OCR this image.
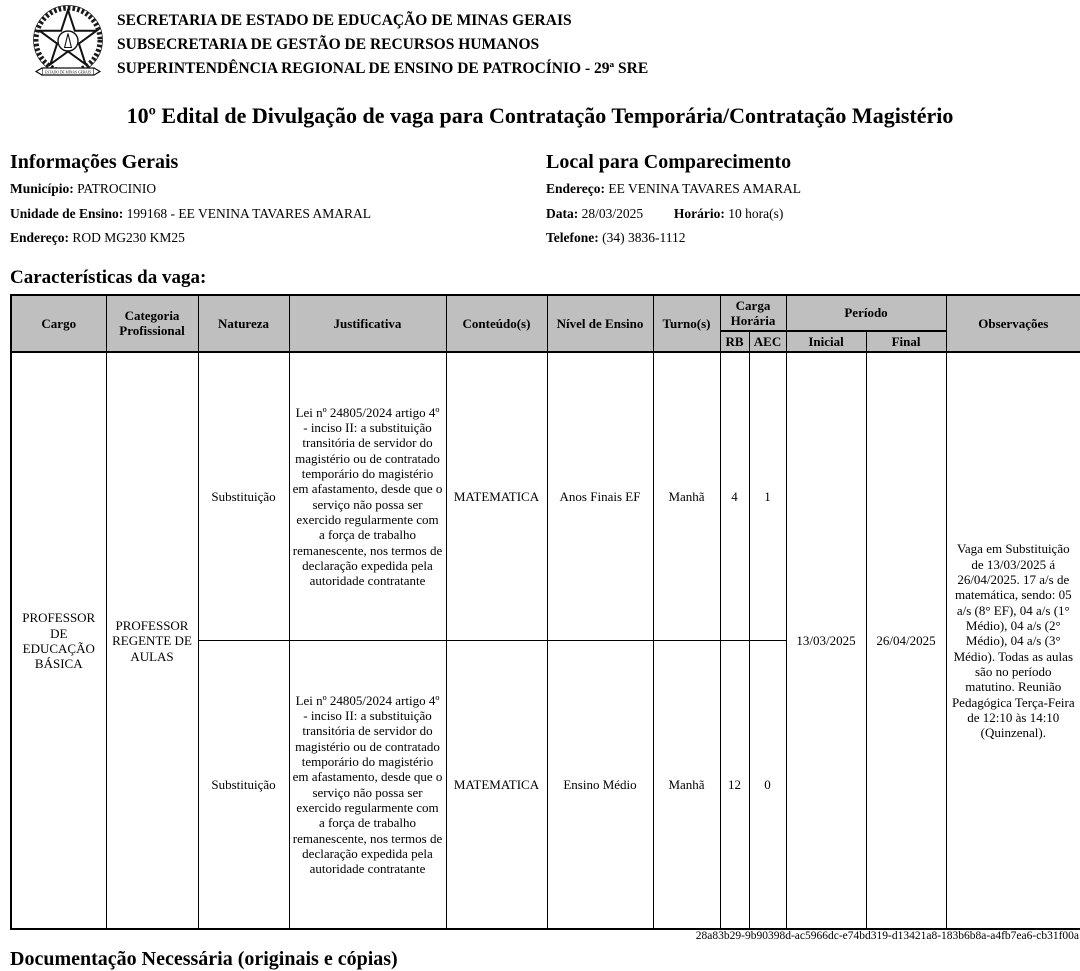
ESTADO DE MINAS GERAIS
SECRETARIA DE ESTADO DE EDUCAÇÃO DE MINAS GERAIS
SUBSECRETARIA DE GESTÃO DE RECURSOS HUMANOS
SUPERINTENDÊNCIA REGIONAL DE ENSINO DE PATROCÍNIO - 29ª SRE
10º Edital de Divulgação de vaga para Contratação Temporária/Contratação Magistério
Informações Gerais
Município: PATROCINIO
Unidade de Ensino: 199168 - EE VENINA TAVARES AMARAL
Endereço: ROD MG230 KM25
Local para Comparecimento
Endereço: EE VENINA TAVARES AMARAL
Data: 28/03/2025 Horário: 10 hora(s)
Telefone: (34) 3836-1112
Características da vaga:
Cargo	Categoria Profissional	Natureza	Justificativa	Conteúdo(s)	Nível de Ensino	Turno(s)	Carga Horária		Período		Observações
							RB	AEC	Inicial	Final	
PROFESSOR DE EDUCAÇÃO BÁSICA	PROFESSOR REGENTE DE AULAS	Substituição	Lei nº 24805/2024 artigo 4º - inciso II: a substituição transitória de servidor do magistério ou de contratado temporário do magistério em afastamento, desde que o serviço não possa ser exercido regularmente com a força de trabalho remanescente, nos termos de declaração expedida pela autoridade contratante	MATEMATICA	Anos Finais EF	Manhã	4	1	13/03/2025	26/04/2025	Vaga em Substituição de 13/03/2025 á 26/04/2025. 17 a/s de matemática, sendo: 05 a/s (8° EF), 04 a/s (1° Médio), 04 a/s (2° Médio), 04 a/s (3° Médio). Todas as aulas são no período matutino. Reunião Pedagógica Terça-Feira de 12:10 às 14:10 (Quinzenal).
		Substituição	Lei nº 24805/2024 artigo 4º - inciso II: a substituição transitória de servidor do magistério ou de contratado temporário do magistério em afastamento, desde que o serviço não possa ser exercido regularmente com a força de trabalho remanescente, nos termos de declaração expedida pela autoridade contratante	MATEMATICA	Ensino Médio	Manhã	12	0			
28a83b29-9b90398d-ac5966dc-e74bd319-d13421a8-183b6b8a-a4fb7ea6-cb31f00a
Documentação Necessária (originais e cópias)
